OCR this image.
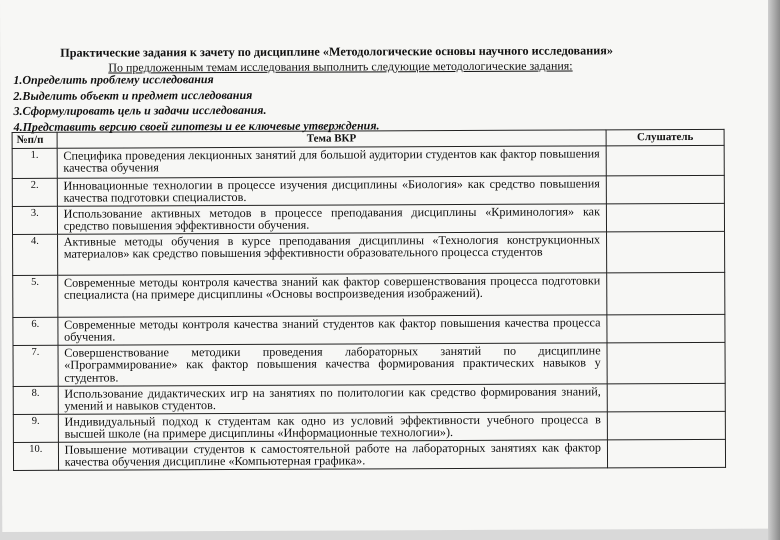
Практические задания к зачету по дисциплине «Методологические основы научного исследования»
По предложенным темам исследования выполнить следующие методологические задания:
1.Определить проблему исследования
2.Выделить объект и предмет исследования
3.Сформулировать цель и задачи исследования.
4.Представить версию своей гипотезы и ее ключевые утверждения.
№п/п	Тема ВКР	Слушатель
1.	Специфика проведения лекционных занятий для большой аудитории студентов как фактор повышения качества обучения	

2.	Инновационные технологии в процессе изучения дисциплины «Биология» как средство повышения качества подготовки специалистов.	

3.	Использование активных методов в процессе преподавания дисциплины «Криминология» как средство повышения эффективности обучения.	

4.	Активные методы обучения в курсе преподавания дисциплины «Технология конструкционных материалов» как средство повышения эффективности образовательного процесса студентов	

5.	Современные методы контроля качества знаний как фактор совершенствования процесса подготовки специалиста (на примере дисциплины «Основы воспроизведения изображений).	

6.	Современные методы контроля качества знаний студентов как фактор повышения качества процесса обучения.	

7.	Совершенствование методики проведения лабораторных занятий по дисциплине «Программирование» как фактор повышения качества формирования практических навыков у студентов.	

8.	Использование дидактических игр на занятиях по политологии как средство формирования знаний, умений и навыков студентов.	

9.	Индивидуальный подход к студентам как одно из условий эффективности учебного процесса в высшей школе (на примере дисциплины «Информационные технологии»).	

10.	Повышение мотивации студентов к самостоятельной работе на лабораторных занятиях как фактор качества обучения дисциплине «Компьютерная графика».	
